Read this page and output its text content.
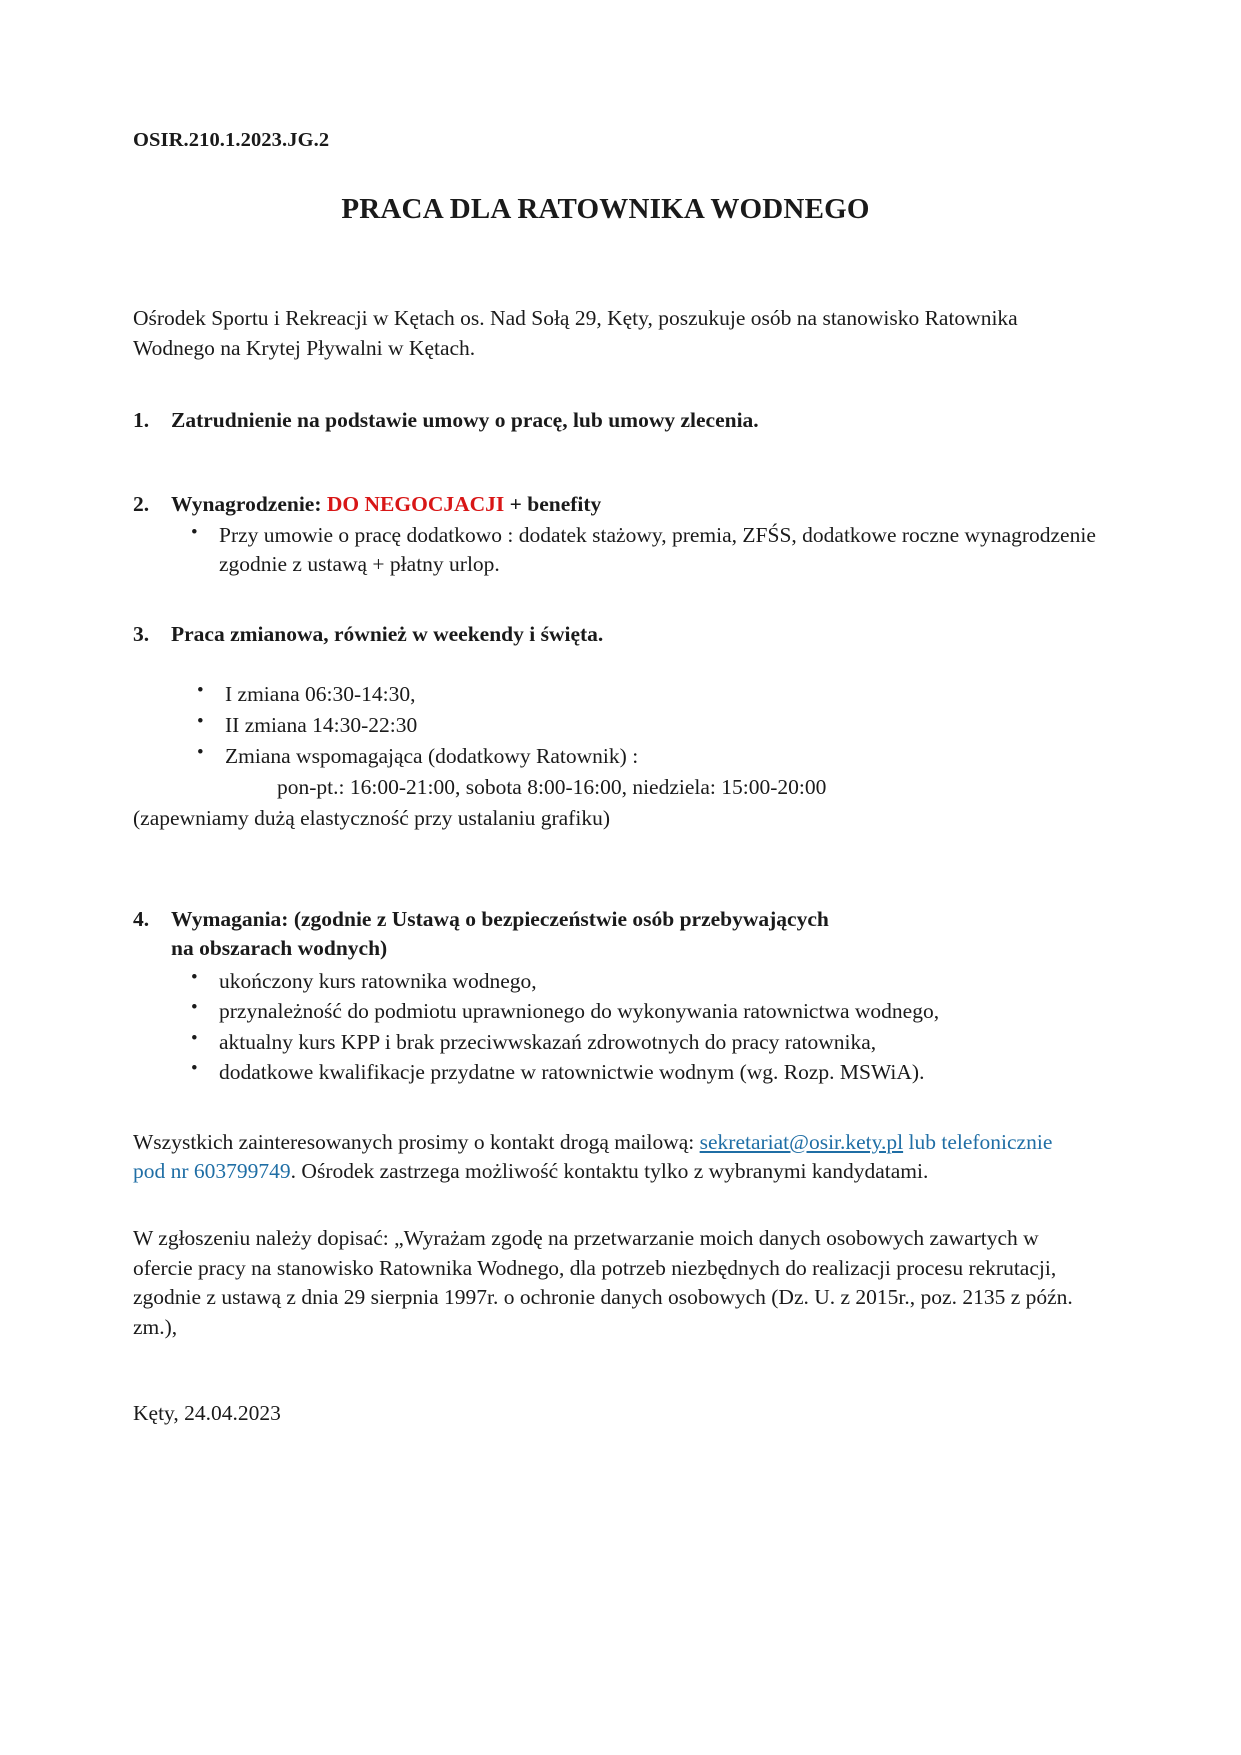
OSIR.210.1.2023.JG.2

PRACA DLA RATOWNIKA WODNEGO

Ośrodek Sportu i Rekreacji w Kętach os. Nad Sołą 29, Kęty, poszukuje osób na stanowisko Ratownika Wodnego na Krytej Pływalni w Kętach.

1. Zatrudnienie na podstawie umowy o pracę, lub umowy zlecenia.
2. Wynagrodzenie: DO NEGOCJACJI + benefity
• Przy umowie o pracę dodatkowo : dodatek stażowy, premia, ZFŚS, dodatkowe roczne wynagrodzenie zgodnie z ustawą + płatny urlop.
3. Praca zmianowa, również w weekendy i święta.
• I zmiana 06:30-14:30,
• II zmiana 14:30-22:30
• Zmiana wspomagająca (dodatkowy Ratownik) :
pon-pt.: 16:00-21:00, sobota 8:00-16:00, niedziela: 15:00-20:00

(zapewniamy dużą elastyczność przy ustalaniu grafiku)

4. Wymagania: (zgodnie z Ustawą o bezpieczeństwie osób przebywających
na obszarach wodnych)
• ukończony kurs ratownika wodnego,
• przynależność do podmiotu uprawnionego do wykonywania ratownictwa wodnego,
• aktualny kurs KPP i brak przeciwwskazań zdrowotnych do pracy ratownika,
• dodatkowe kwalifikacje przydatne w ratownictwie wodnym (wg. Rozp. MSWiA).

Wszystkich zainteresowanych prosimy o kontakt drogą mailową: sekretariat@osir.kety.pl lub telefonicznie pod nr 603799749. Ośrodek zastrzega możliwość kontaktu tylko z wybranymi kandydatami.

W zgłoszeniu należy dopisać: „Wyrażam zgodę na przetwarzanie moich danych osobowych zawartych w ofercie pracy na stanowisko Ratownika Wodnego, dla potrzeb niezbędnych do realizacji procesu rekrutacji, zgodnie z ustawą z dnia 29 sierpnia 1997r. o ochronie danych osobowych (Dz. U. z 2015r., poz. 2135 z późn. zm.),

Kęty, 24.04.2023
